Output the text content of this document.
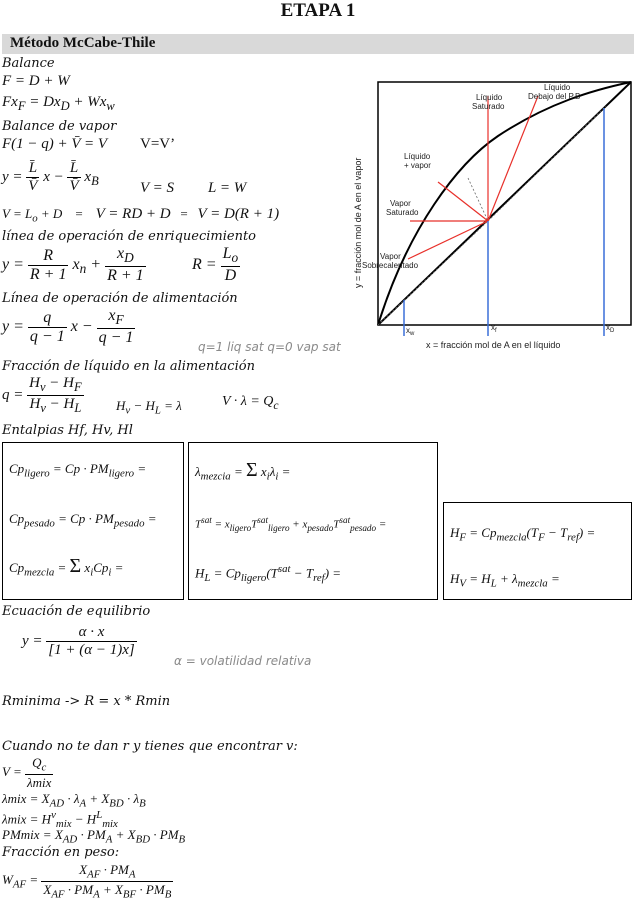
ETAPA 1
Método McCabe-Thile
Balance
F = D + W
$Fx_F = Dx_D + Wx_w$
Balance de vapor
F(1 − q) + V̄ = V V=V’
$y = \frac{L̄}{V̄}$ $x - \frac{L̄}{V̄} x_B$	V = S L = W
$V = L_o + D$    = V = RD + D = V = D(R + 1)
línea de operación de enriquecimiento
$y = \frac{R}{R + 1} x_n + \frac{x_D}{R + 1}$	$R = \frac{L_o}{D}$
Línea de operación de alimentación
$y = \frac{q}{q - 1}$ $x - \frac{x_F}{q - 1}$	q=1 liq sat q=0 vap sat
Fracción de líquido en la alimentación
$q = \frac{H_v - H_F}{H_v - H_L} H_v - H_L = \lambda$	$V \cdot \lambda = Q_c$
Entalpias Hf, Hv, Hl
$Cp_{ligero} = Cp \cdot PM_{ligero}$ =
$Cp_{pesado} = Cp \cdot PM_{pesado}$ =
$Cp_{mezcla} = \Sigma$ $x_iCp_i$ =
$\lambda_{mezcia} = \Sigma$ $x_i\lambda_i$ =
$T^{sat} = x_{ligero}T^{sat}_{ligero} + x_{pesado}T^{sat}_{pesado}$ =
$H_L = Cp_{ligero}(T^{sat} - T_{ref})$ =
$H_F = Cp_{mezcla}(T_F - T_{ref})$ =
$H_V = H_L + \lambda_{mezcla}$ =
Ecuación de equilibrio
$y = \frac{\alpha \cdot x}{[1 + (\alpha - 1)x]}$
α = volatilidad relativa
Rminima -> R = x * Rmin
Cuando no te dan r y tienes que encontrar v:
$V = \frac{Q_c}{\text{λmix}}$
$\lambda mix = X_{AD} \cdot \lambda_A + X_{BD} \cdot \lambda_B$
$\lambda mix = H^v_{mix} - H^L_{mix}$
PMmix = $X_{AD} \cdot PM_A + X_{BD} \cdot PM_B$
Fracción en peso:
$W_{AF} = \frac{X_{AF} \cdot PM_A}{X_{AF} \cdot PM_A + X_{BF} \cdot PM_B}$
y = fracción mol de A en el vapor
x = fracción mol de A en el líquido
Líquido
Saturado
Líquido
Debajo del P.B
Líquido
+ vapor
Vapor
Saturado
Vapor
Sobrecalentado
$x_w$
$x_f$	$x_D$
